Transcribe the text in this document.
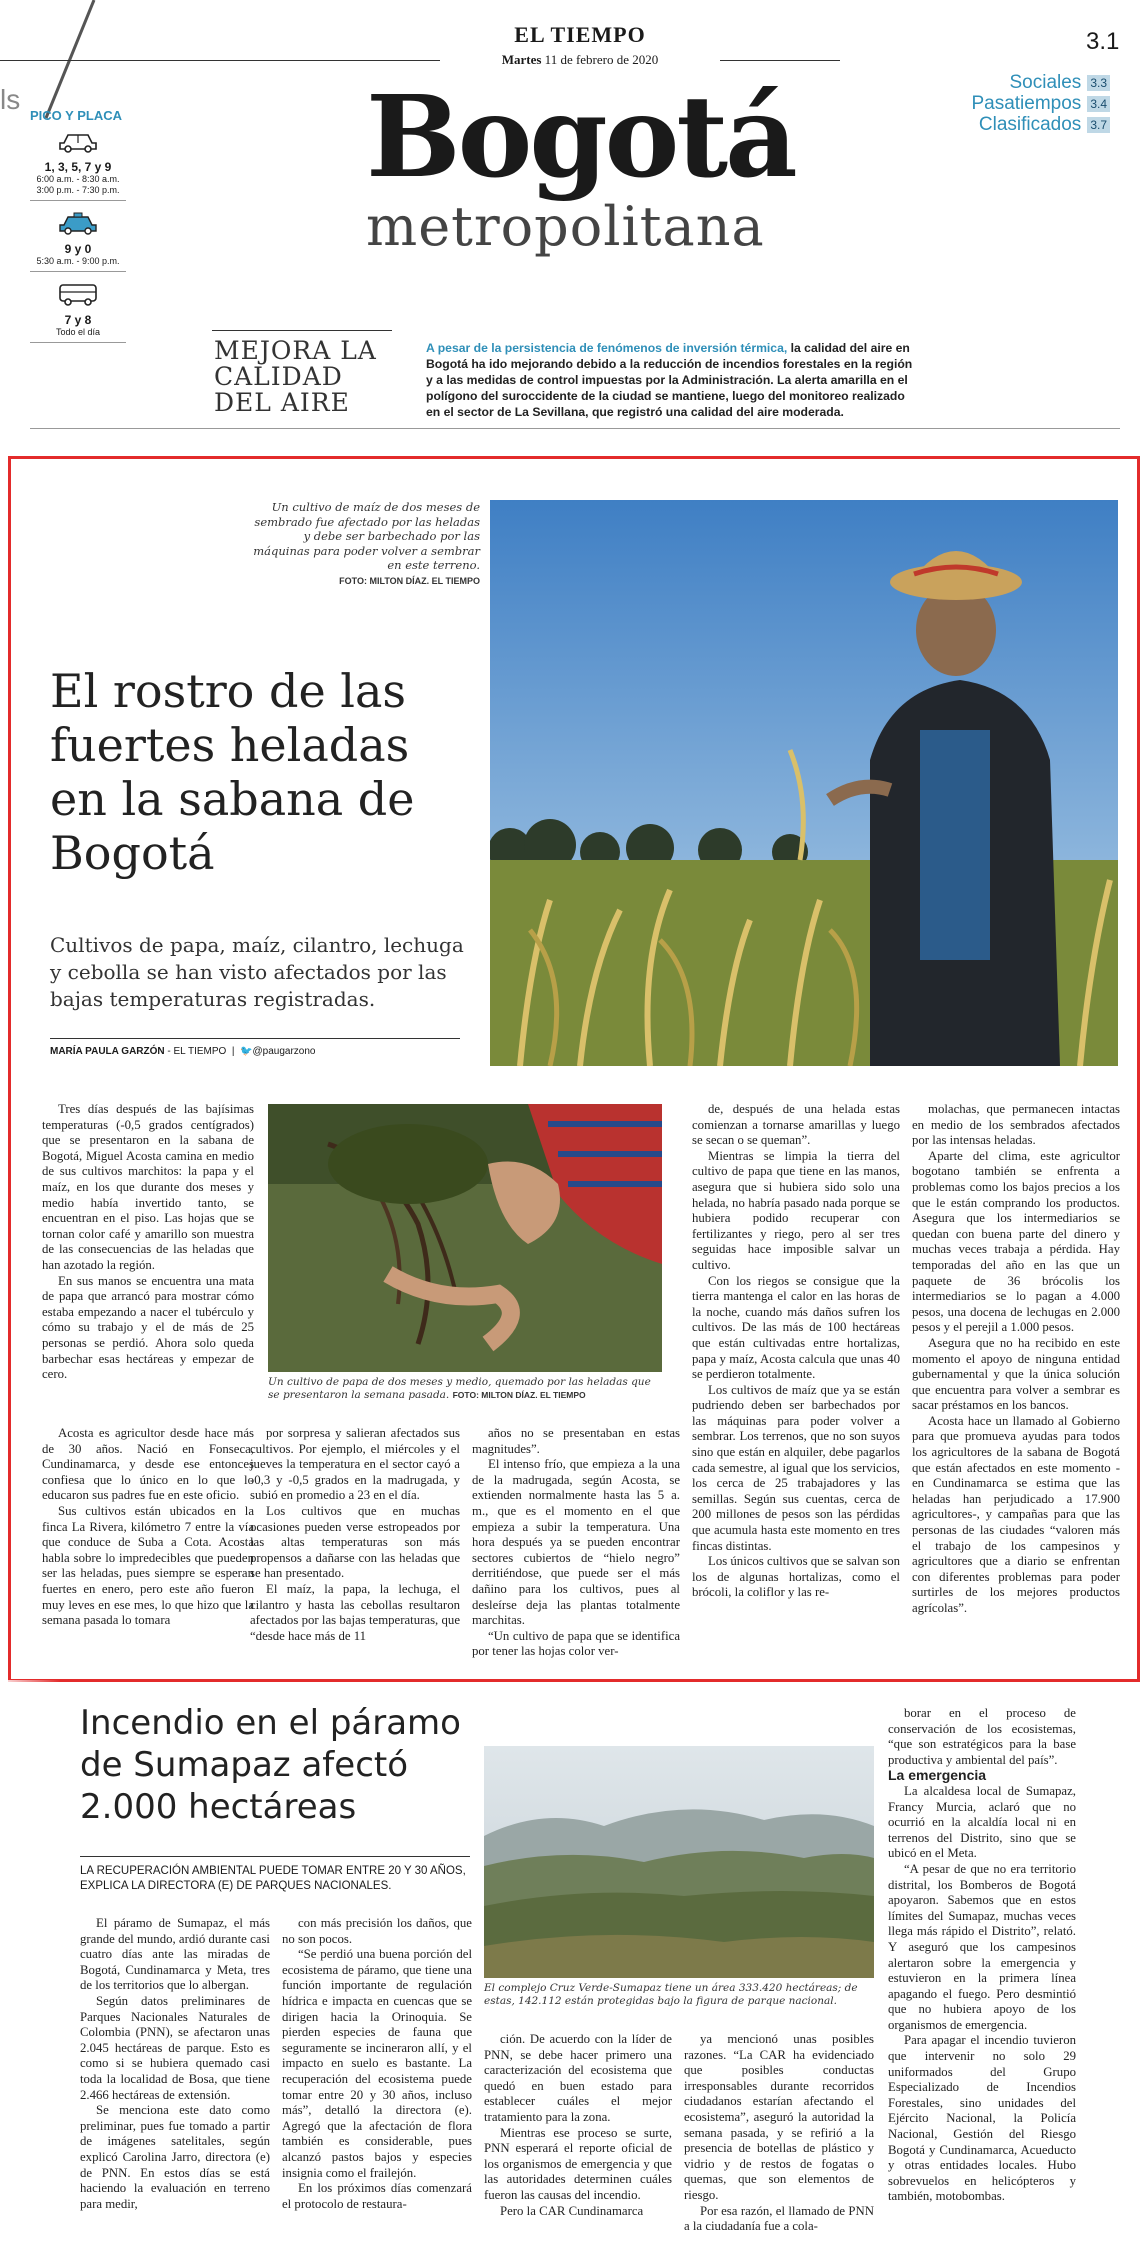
ls
EL TIEMPO
Martes 11 de febrero de 2020
3.1
Sociales 3.3
Pasatiempos 3.4
Clasificados 3.7
Bogotá
metropolitana
PICO Y PLACA
1, 3, 5, 7 y 9
6:00 a.m. - 8:30 a.m.
3:00 p.m. - 7:30 p.m.
9 y 0
5:30 a.m. - 9:00 p.m.
7 y 8
Todo el día
MEJORA LA
CALIDAD
DEL AIRE
A pesar de la persistencia de fenómenos de inversión térmica, la calidad del aire en Bogotá ha ido mejorando debido a la reducción de incendios forestales en la región y a las medidas de control impuestas por la Administración. La alerta amarilla en el polígono del suroccidente de la ciudad se mantiene, luego del monitoreo realizado en el sector de La Sevillana, que registró una calidad del aire moderada.
Un cultivo de maíz de dos meses de sembrado fue afectado por las heladas y debe ser barbechado por las máquinas para poder volver a sembrar en este terreno.
FOTO: MILTON DÍAZ. EL TIEMPO
El rostro de las fuertes heladas en la sabana de Bogotá
Cultivos de papa, maíz, cilantro, lechuga y cebolla se han visto afectados por las bajas temperaturas registradas.
MARÍA PAULA GARZÓN - EL TIEMPO  |  🐦@paugarzono

Tres días después de las bajísimas temperaturas (-0,5 grados centígrados) que se presentaron en la sabana de Bogotá, Miguel Acosta camina en medio de sus cultivos marchitos: la papa y el maíz, en los que durante dos meses y medio había invertido tanto, se encuentran en el piso. Las hojas que se tornan color café y amarillo son muestra de las consecuencias de las heladas que han azotado la región.

En sus manos se encuentra una mata de papa que arrancó para mostrar cómo estaba empezando a nacer el tubérculo y cómo su trabajo y el de más de 25 personas se perdió. Ahora solo queda barbechar esas hectáreas y empezar de cero.

Un cultivo de papa de dos meses y medio, quemado por las heladas que se presentaron la semana pasada. FOTO: MILTON DÍAZ. EL TIEMPO

Acosta es agricultor desde hace más de 30 años. Nació en Fonseca, Cundinamarca, y desde ese entonces confiesa que lo único en lo que lo educaron sus padres fue en este oficio.

Sus cultivos están ubicados en la finca La Rivera, kilómetro 7 entre la vía que conduce de Suba a Cota. Acosta habla sobre lo impredecibles que pueden ser las heladas, pues siempre se esperan fuertes en enero, pero este año fueron muy leves en ese mes, lo que hizo que la semana pasada lo tomara

por sorpresa y salieran afectados sus cultivos. Por ejemplo, el miércoles y el jueves la temperatura en el sector cayó a -0,3 y -0,5 grados en la madrugada, y subió en promedio a 23 en el día.

Los cultivos que en muchas ocasiones pueden verse estropeados por las altas temperaturas son más propensos a dañarse con las heladas que se han presentado.

El maíz, la papa, la lechuga, el cilantro y hasta las cebollas resultaron afectados por las bajas temperaturas, que “desde hace más de 11

años no se presentaban en estas magnitudes”.

El intenso frío, que empieza a la una de la madrugada, según Acosta, se extienden normalmente hasta las 5 a. m., que es el momento en el que empieza a subir la temperatura. Una hora después ya se pueden encontrar sectores cubiertos de “hielo negro” derritiéndose, que puede ser el más dañino para los cultivos, pues al desleírse deja las plantas totalmente marchitas.

“Un cultivo de papa que se identifica por tener las hojas color ver-

de, después de una helada estas comienzan a tornarse amarillas y luego se secan o se queman”.

Mientras se limpia la tierra del cultivo de papa que tiene en las manos, asegura que si hubiera sido solo una helada, no habría pasado nada porque se hubiera podido recuperar con fertilizantes y riego, pero al ser tres seguidas hace imposible salvar un cultivo.

Con los riegos se consigue que la tierra mantenga el calor en las horas de la noche, cuando más daños sufren los cultivos. De las más de 100 hectáreas que están cultivadas entre hortalizas, papa y maíz, Acosta calcula que unas 40 se perdieron totalmente.

Los cultivos de maíz que ya se están pudriendo deben ser barbechados por las máquinas para poder volver a sembrar. Los terrenos, que no son suyos sino que están en alquiler, debe pagarlos cada semestre, al igual que los servicios, los cerca de 25 trabajadores y las semillas. Según sus cuentas, cerca de 200 millones de pesos son las pérdidas que acumula hasta este momento en tres fincas distintas.

Los únicos cultivos que se salvan son los de algunas hortalizas, como el brócoli, la coliflor y las re-

molachas, que permanecen intactas en medio de los sembrados afectados por las intensas heladas.

Aparte del clima, este agricultor bogotano también se enfrenta a problemas como los bajos precios a los que le están comprando los productos. Asegura que los intermediarios se quedan con buena parte del dinero y muchas veces trabaja a pérdida. Hay temporadas del año en las que un paquete de 36 brócolis los intermediarios se lo pagan a 4.000 pesos, una docena de lechugas en 2.000 pesos y el perejil a 1.000 pesos.

Asegura que no ha recibido en este momento el apoyo de ninguna entidad gubernamental y que la única solución que encuentra para volver a sembrar es sacar préstamos en los bancos.

Acosta hace un llamado al Gobierno para que promueva ayudas para todos los agricultores de la sabana de Bogotá que están afectados en este momento -en Cundinamarca se estima que las heladas han perjudicado a 17.900 agricultores-, y campañas para que las personas de las ciudades “valoren más el trabajo de los campesinos y agricultores que a diario se enfrentan con diferentes problemas para poder surtirles de los mejores productos agrícolas”.

Incendio en el páramo de Sumapaz afectó 2.000 hectáreas
LA RECUPERACIÓN AMBIENTAL PUEDE TOMAR ENTRE 20 Y 30 AÑOS, EXPLICA LA DIRECTORA (E) DE PARQUES NACIONALES.
El complejo Cruz Verde-Sumapaz tiene un área 333.420 hectáreas; de estas, 142.112 están protegidas bajo la figura de parque nacional.

El páramo de Sumapaz, el más grande del mundo, ardió durante casi cuatro días ante las miradas de Bogotá, Cundinamarca y Meta, tres de los territorios que lo albergan.

Según datos preliminares de Parques Nacionales Naturales de Colombia (PNN), se afectaron unas 2.045 hectáreas de parque. Esto es como si se hubiera quemado casi toda la localidad de Bosa, que tiene 2.466 hectáreas de extensión.

Se menciona este dato como preliminar, pues fue tomado a partir de imágenes satelitales, según explicó Carolina Jarro, directora (e) de PNN. En estos días se está haciendo la evaluación en terreno para medir,

con más precisión los daños, que no son pocos.

“Se perdió una buena porción del ecosistema de páramo, que tiene una función importante de regulación hídrica e impacta en cuencas que se dirigen hacia la Orinoquia. Se pierden especies de fauna que seguramente se incineraron allí, y el impacto en suelo es bastante. La recuperación del ecosistema puede tomar entre 20 y 30 años, incluso más”, detalló la directora (e). Agregó que la afectación de flora también es considerable, pues alcanzó pastos bajos y especies insignia como el frailejón.

En los próximos días comenzará el protocolo de restaura-

ción. De acuerdo con la líder de PNN, se debe hacer primero una caracterización del ecosistema que quedó en buen estado para establecer cuáles el mejor tratamiento para la zona.

Mientras ese proceso se surte, PNN esperará el reporte oficial de los organismos de emergencia y que las autoridades determinen cuáles fueron las causas del incendio.

Pero la CAR Cundinamarca

ya mencionó unas posibles razones. “La CAR ha evidenciado que posibles conductas irresponsables durante recorridos ciudadanos estarían afectando el ecosistema”, aseguró la autoridad la semana pasada, y se refirió a la presencia de botellas de plástico y vidrio y de restos de fogatas o quemas, que son elementos de riesgo.

Por esa razón, el llamado de PNN a la ciudadanía fue a cola-

borar en el proceso de conservación de los ecosistemas, “que son estratégicos para la base productiva y ambiental del país”.

La emergencia

La alcaldesa local de Sumapaz, Francy Murcia, aclaró que no ocurrió en la alcaldía local ni en terrenos del Distrito, sino que se ubicó en el Meta.

“A pesar de que no era territorio distrital, los Bomberos de Bogotá apoyaron. Sabemos que en estos límites del Sumapaz, muchas veces llega más rápido el Distrito”, relató. Y aseguró que los campesinos alertaron sobre la emergencia y estuvieron en la primera línea apagando el fuego. Pero desmintió que no hubiera apoyo de los organismos de emergencia.

Para apagar el incendio tuvieron que intervenir no solo 29 uniformados del Grupo Especializado de Incendios Forestales, sino unidades del Ejército Nacional, la Policía Nacional, Gestión del Riesgo Bogotá y Cundinamarca, Acueducto y otras entidades locales. Hubo sobrevuelos en helicópteros y también, motobombas.
